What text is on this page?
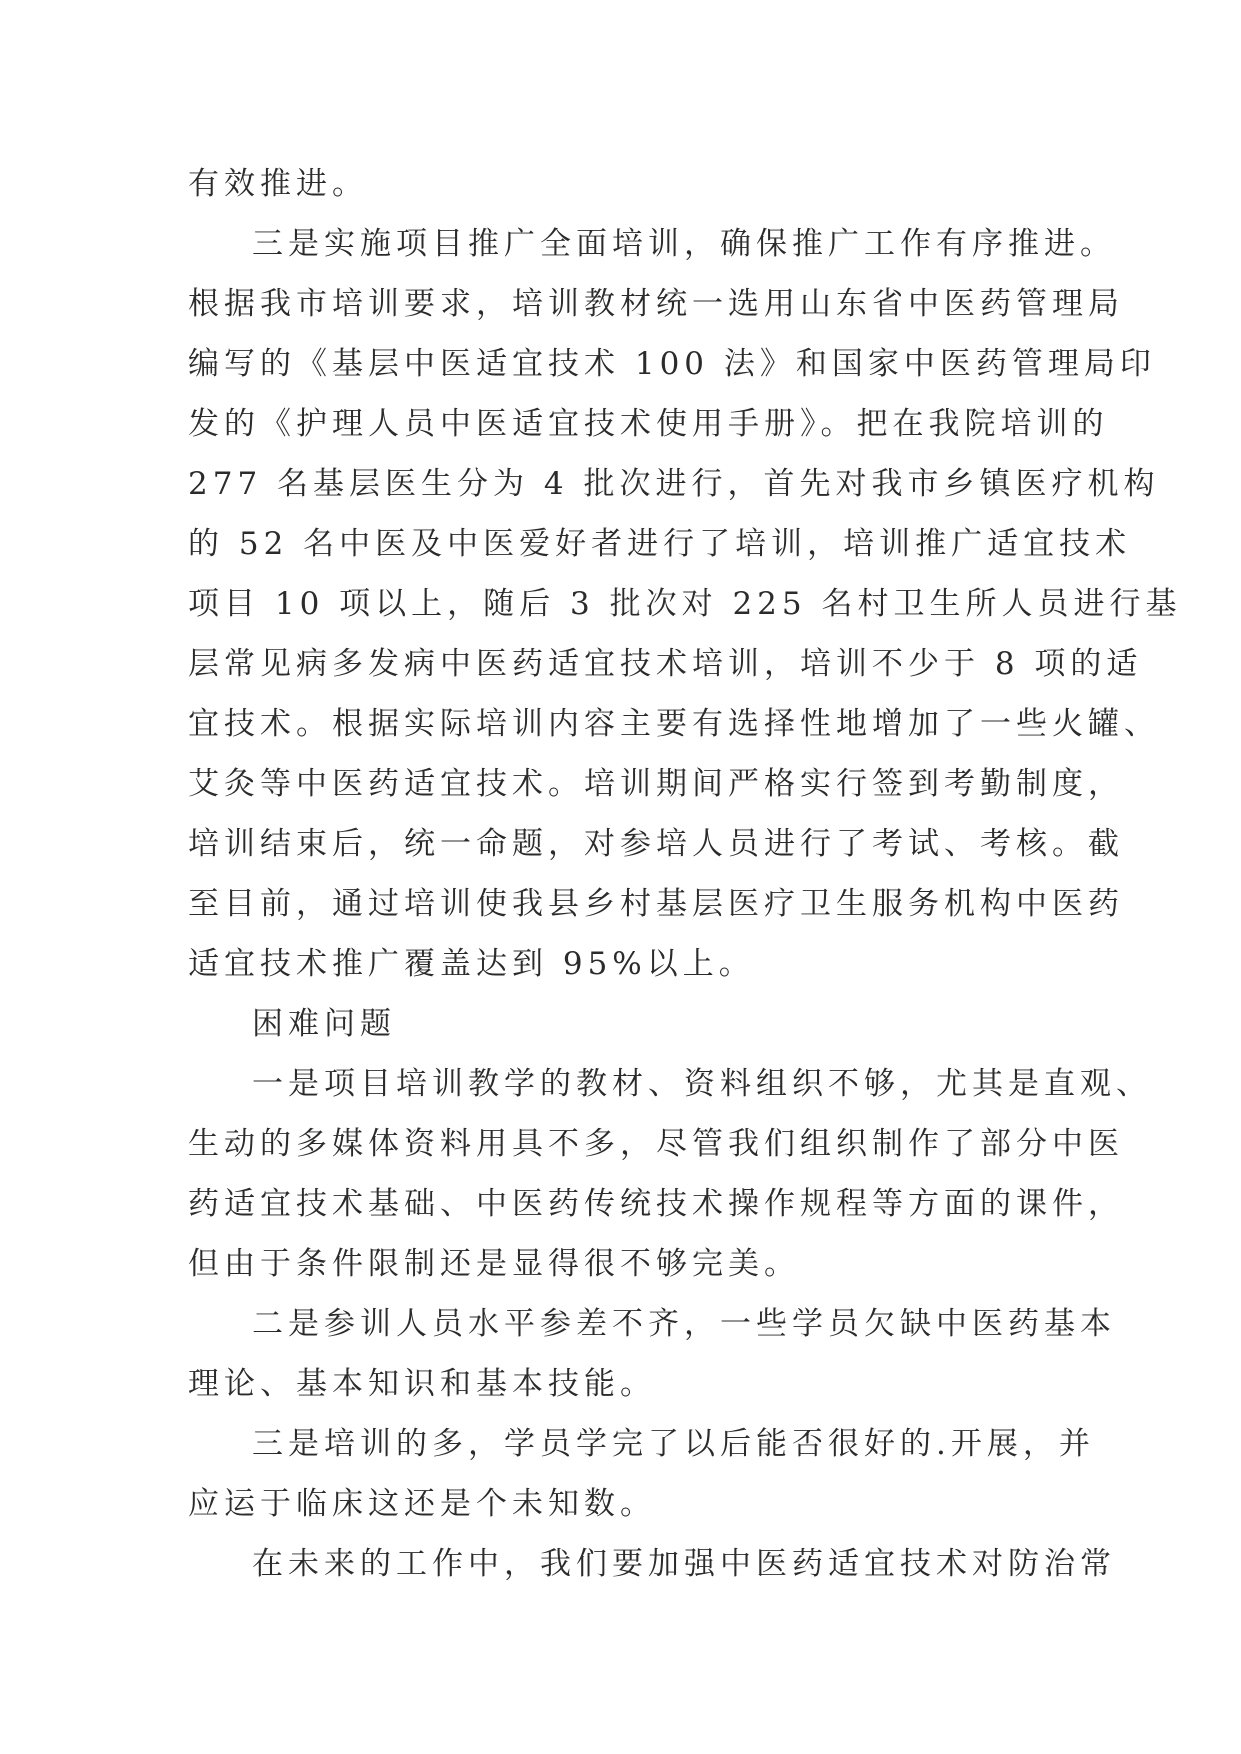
有效推进。
三是实施项目推广全面培训，确保推广工作有序推进。
根据我市培训要求，培训教材统一选用山东省中医药管理局
编写的《基层中医适宜技术 100 法》和国家中医药管理局印
发的《护理人员中医适宜技术使用手册》。把在我院培训的
277 名基层医生分为 4 批次进行，首先对我市乡镇医疗机构
的 52 名中医及中医爱好者进行了培训，培训推广适宜技术
项目 10 项以上，随后 3 批次对 225 名村卫生所人员进行基
层常见病多发病中医药适宜技术培训，培训不少于 8 项的适
宜技术。根据实际培训内容主要有选择性地增加了一些火罐、
艾灸等中医药适宜技术。培训期间严格实行签到考勤制度，
培训结束后，统一命题，对参培人员进行了考试、考核。截
至目前，通过培训使我县乡村基层医疗卫生服务机构中医药
适宜技术推广覆盖达到 95%以上。
困难问题
一是项目培训教学的教材、资料组织不够，尤其是直观、
生动的多媒体资料用具不多，尽管我们组织制作了部分中医
药适宜技术基础、中医药传统技术操作规程等方面的课件，
但由于条件限制还是显得很不够完美。
二是参训人员水平参差不齐，一些学员欠缺中医药基本
理论、基本知识和基本技能。
三是培训的多，学员学完了以后能否很好的.开展，并
应运于临床这还是个未知数。
在未来的工作中，我们要加强中医药适宜技术对防治常
